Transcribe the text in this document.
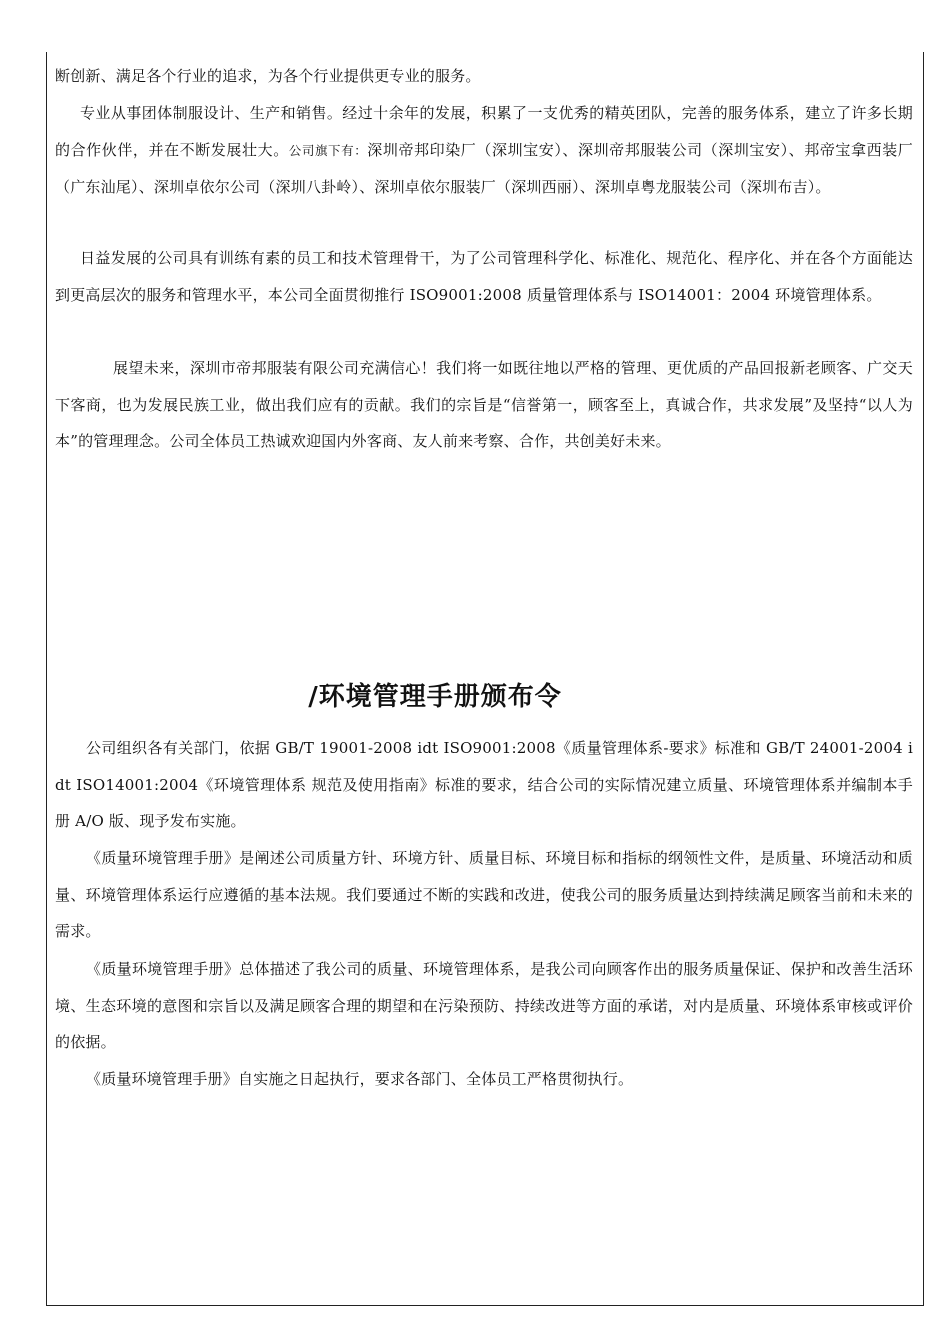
断创新、满足各个行业的追求，为各个行业提供更专业的服务。

专业从事团体制服设计、生产和销售。经过十余年的发展，积累了一支优秀的精英团队，完善的服务体系，建立了许多长期的合作伙伴，并在不断发展壮大。公司旗下有：深圳帝邦印染厂（深圳宝安）、深圳帝邦服装公司（深圳宝安）、邦帝宝拿西装厂（广东汕尾）、深圳卓依尔公司（深圳八卦岭）、深圳卓依尔服装厂（深圳西丽）、深圳卓粤龙服装公司（深圳布吉）。

日益发展的公司具有训练有素的员工和技术管理骨干，为了公司管理科学化、标准化、规范化、程序化、并在各个方面能达到更高层次的服务和管理水平，本公司全面贯彻推行 ISO9001:2008 质量管理体系与 ISO14001：2004 环境管理体系。

展望未来，深圳市帝邦服装有限公司充满信心！我们将一如既往地以严格的管理、更优质的产品回报新老顾客、广交天下客商，也为发展民族工业，做出我们应有的贡献。我们的宗旨是“信誉第一，顾客至上，真诚合作，共求发展”及坚持“以人为本”的管理理念。公司全体员工热诚欢迎国内外客商、友人前来考察、合作，共创美好未来。

/环境管理手册颁布令

公司组织各有关部门，依据 GB/T 19001-2008 idt ISO9001:2008《质量管理体系-要求》标准和 GB/T 24001-2004 idt ISO14001:2004《环境管理体系 规范及使用指南》标准的要求，结合公司的实际情况建立质量、环境管理体系并编制本手册 A/O 版、现予发布实施。

《质量环境管理手册》是阐述公司质量方针、环境方针、质量目标、环境目标和指标的纲领性文件，是质量、环境活动和质量、环境管理体系运行应遵循的基本法规。我们要通过不断的实践和改进，使我公司的服务质量达到持续满足顾客当前和未来的需求。

《质量环境管理手册》总体描述了我公司的质量、环境管理体系，是我公司向顾客作出的服务质量保证、保护和改善生活环境、生态环境的意图和宗旨以及满足顾客合理的期望和在污染预防、持续改进等方面的承诺，对内是质量、环境体系审核或评价的依据。

《质量环境管理手册》自实施之日起执行，要求各部门、全体员工严格贯彻执行。
